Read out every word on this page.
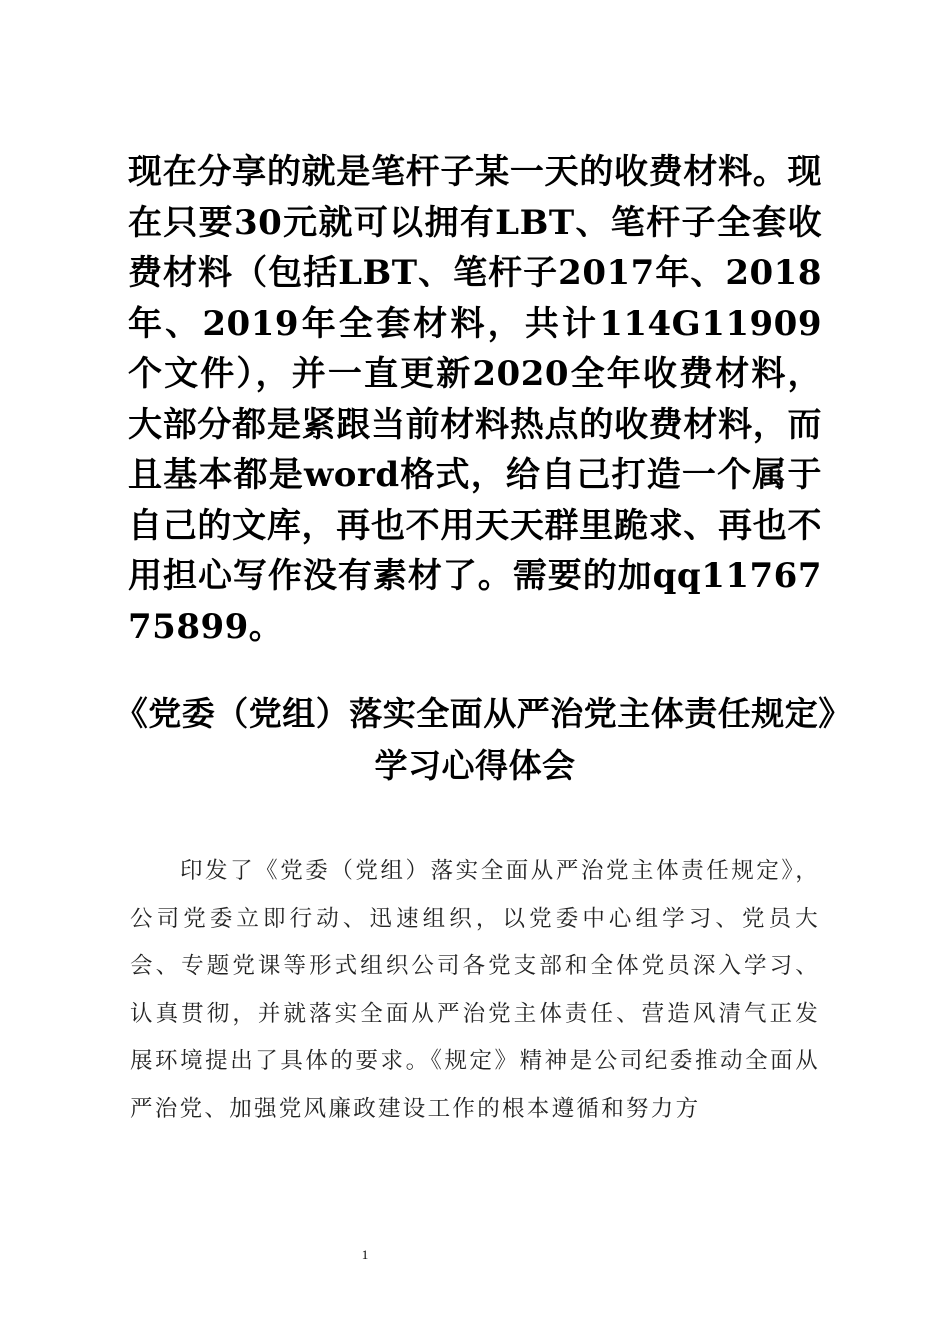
现在分享的就是笔杆子某一天的收费材料。现在只要30元就可以拥有LBT、笔杆子全套收费材料（包括LBT、笔杆子2017年、2018年、2019年全套材料，共计114G11909个文件），并一直更新2020全年收费材料，大部分都是紧跟当前材料热点的收费材料，而且基本都是word格式，给自己打造一个属于自己的文库，再也不用天天群里跪求、再也不用担心写作没有素材了。需要的加qq1176775899。
《党委（党组）落实全面从严治党主体责任规定》学习心得体会
印发了《党委（党组）落实全面从严治党主体责任规定》，公司党委立即行动、迅速组织，以党委中心组学习、党员大会、专题党课等形式组织公司各党支部和全体党员深入学习、认真贯彻，并就落实全面从严治党主体责任、营造风清气正发展环境提出了具体的要求。《规定》精神是公司纪委推动全面从严治党、加强党风廉政建设工作的根本遵循和努力方
1
